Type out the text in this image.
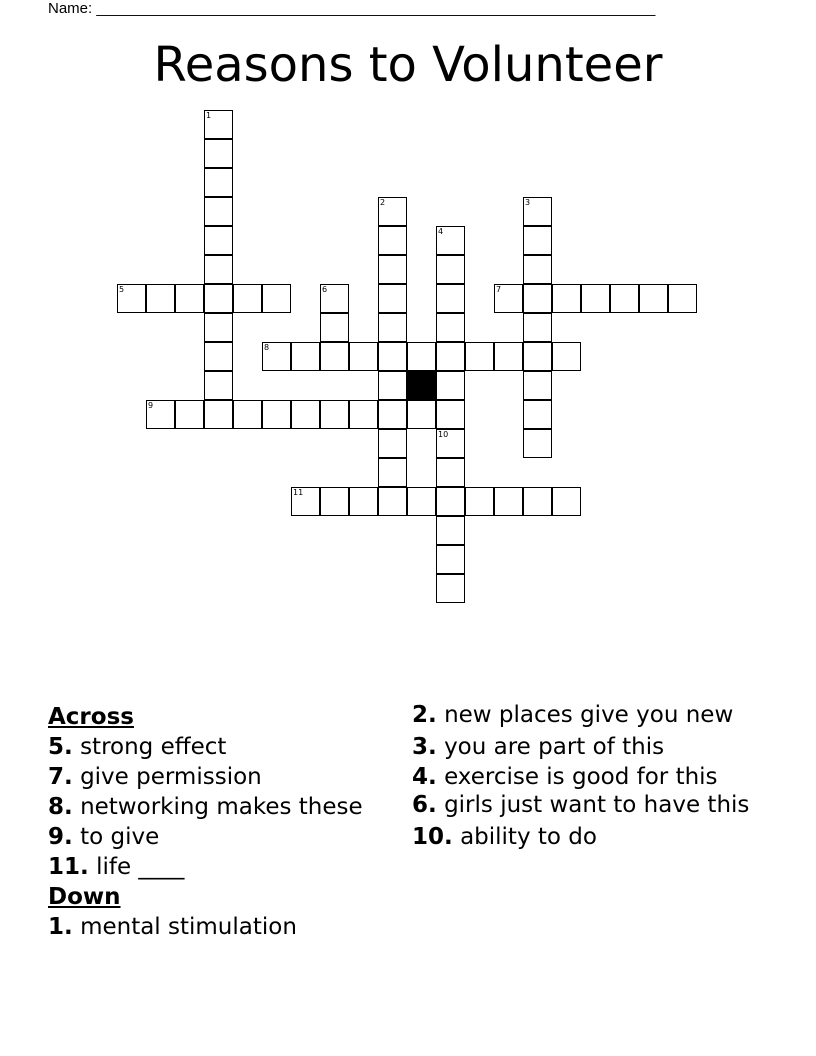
Name: ___________________________________________________________________
Reasons to Volunteer
1
2	3
4
5	6	7
8
9
10
11
Across
5. strong effect
7. give permission
8. networking makes these
9. to give
11. life ____
Down
1. mental stimulation
2. new places give you new
3. you are part of this
4. exercise is good for this
6. girls just want to have this
10. ability to do
